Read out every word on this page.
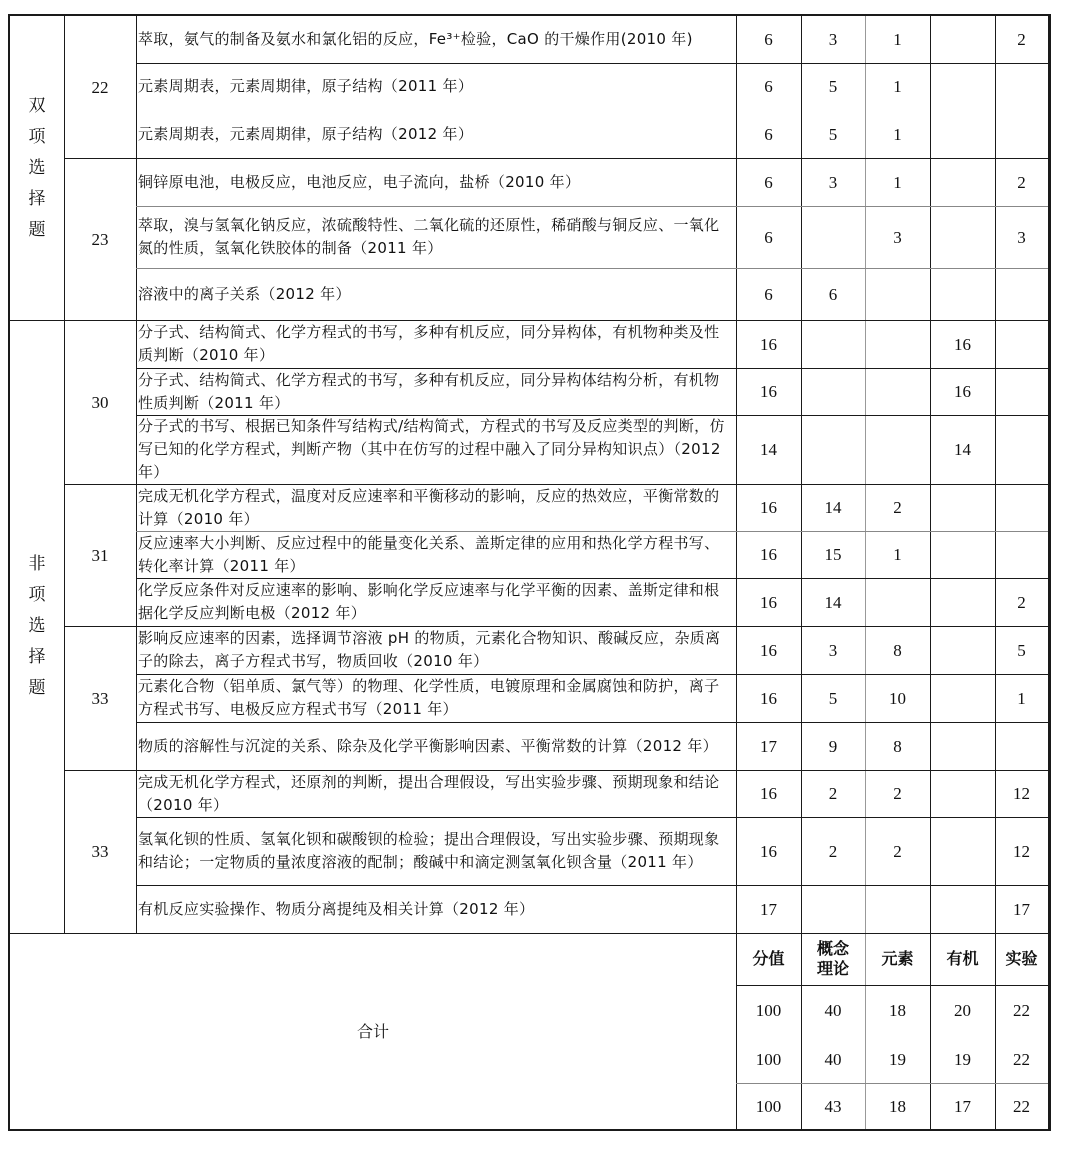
双
项
选
择
题
非
项
选
择
题
22
23
30
31
33
33
萃取，氨气的制备及氨水和氯化铝的反应，Fe³⁺检验，CaO 的干燥作用(2010 年)	6	3	1	2
元素周期表，元素周期律，原子结构（2011 年）	6	5	1
元素周期表，元素周期律，原子结构（2012 年）	6	5	1
铜锌原电池，电极反应，电池反应，电子流向，盐桥（2010 年）	6	3	1	2
萃取，溴与氢氧化钠反应，浓硫酸特性、二氧化硫的还原性，稀硝酸与铜反应、一氧化氮的性质，氢氧化铁胶体的制备（2011 年）
6	3	3
溶液中的离子关系（2012 年）	6	6
分子式、结构简式、化学方程式的书写，多种有机反应，同分异构体，有机物种类及性质判断（2010 年）
16	16
分子式、结构简式、化学方程式的书写，多种有机反应，同分异构体结构分析，有机物性质判断（2011 年）
16	16
分子式的书写、根据已知条件写结构式/结构简式，方程式的书写及反应类型的判断，仿写已知的化学方程式，判断产物（其中在仿写的过程中融入了同分异构知识点）（2012 年）
14	14
完成无机化学方程式，温度对反应速率和平衡移动的影响，反应的热效应，平衡常数的计算（2010 年）
16	14	2
反应速率大小判断、反应过程中的能量变化关系、盖斯定律的应用和热化学方程书写、转化率计算（2011 年）
16	15	1
化学反应条件对反应速率的影响、影响化学反应速率与化学平衡的因素、盖斯定律和根据化学反应判断电极（2012 年）
16	14	2
影响反应速率的因素，选择调节溶液 pH 的物质，元素化合物知识、酸碱反应，杂质离子的除去，离子方程式书写，物质回收（2010 年）
16	3	8	5
元素化合物（铝单质、氯气等）的物理、化学性质，电镀原理和金属腐蚀和防护，离子方程式书写、电极反应方程式书写（2011 年）
16	5	10	1
物质的溶解性与沉淀的关系、除杂及化学平衡影响因素、平衡常数的计算（2012 年）	17	9	8
完成无机化学方程式，还原剂的判断，提出合理假设，写出实验步骤、预期现象和结论（2010 年）
16	2	2	12
氢氧化钡的性质、氢氧化钡和碳酸钡的检验；提出合理假设，写出实验步骤、预期现象和结论；一定物质的量浓度溶液的配制；酸碱中和滴定测氢氧化钡含量（2011 年）
16	2	2	12
有机反应实验操作、物质分离提纯及相关计算（2012 年）	17	17
合计
分值
100
100
100
概念
理论
40
40
43
元素
18
19
18
有机
20
19
17
实验
22
22
22
